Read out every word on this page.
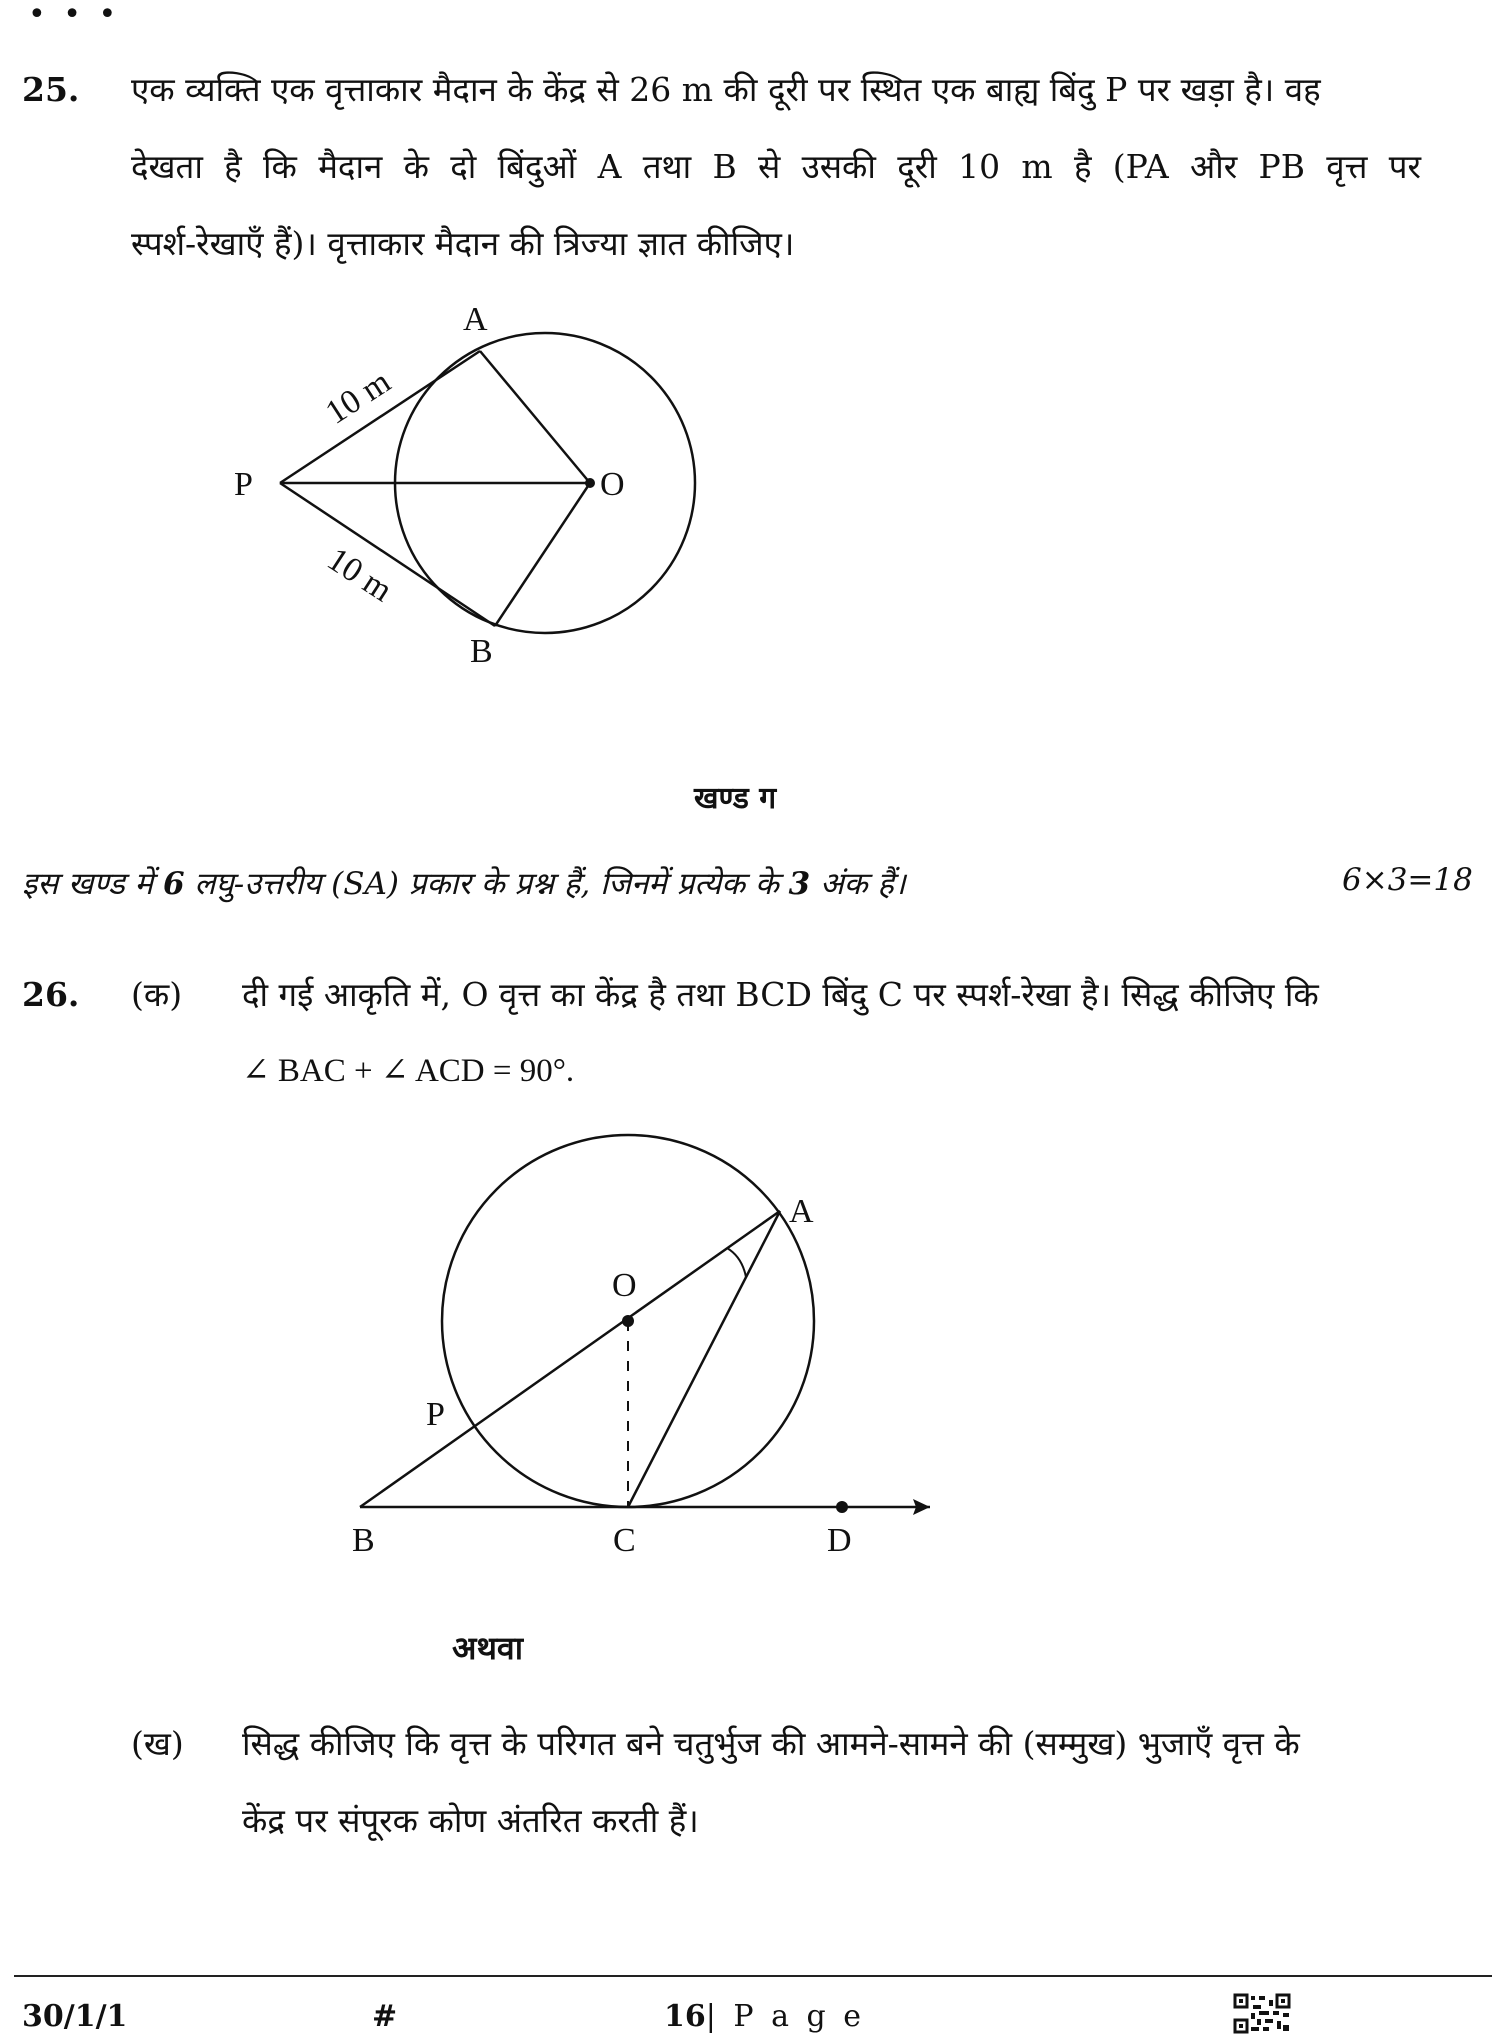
• • •
25. एक व्यक्ति एक वृत्ताकार मैदान के केंद्र से 26 m की दूरी पर स्थित एक बाह्य बिंदु P पर खड़ा है। वह
देखता है कि मैदान के दो बिंदुओं A तथा B से उसकी दूरी 10 m है (PA और PB वृत्त पर
स्पर्श-रेखाएँ हैं)। वृत्ताकार मैदान की त्रिज्या ज्ञात कीजिए।
A
P	O
B
10 m
10 m
खण्ड ग
इस खण्ड में 6 लघु-उत्तरीय (SA) प्रकार के प्रश्न हैं, जिनमें प्रत्येक के 3 अंक हैं।	6×3=18
26. (क) दी गई आकृति में, O वृत्त का केंद्र है तथा BCD बिंदु C पर स्पर्श-रेखा है। सिद्ध कीजिए कि
∠ BAC + ∠ ACD = 90°.
A
O
P
B	C	D
अथवा
(ख) सिद्ध कीजिए कि वृत्त के परिगत बने चतुर्भुज की आमने-सामने की (सम्मुख) भुजाएँ वृत्त के
केंद्र पर संपूरक कोण अंतरित करती हैं।
30/1/1	#	16| P a g e
